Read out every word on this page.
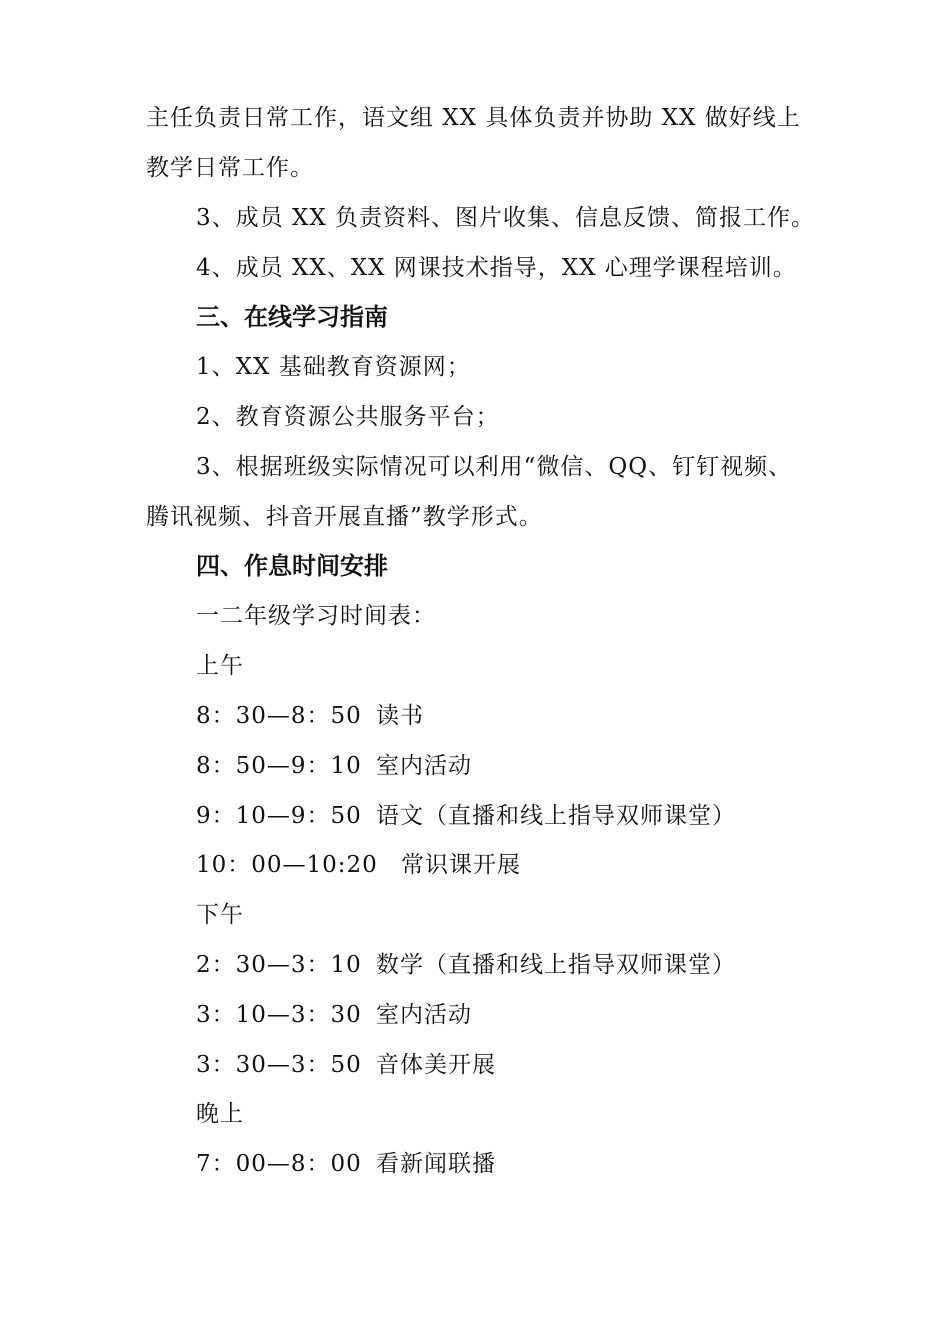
主任负责日常工作，语文组 XX 具体负责并协助 XX 做好线上
教学日常工作。
3、成员 XX 负责资料、图片收集、信息反馈、简报工作。
4、成员 XX、XX 网课技术指导，XX 心理学课程培训。
三、在线学习指南
1、XX 基础教育资源网；
2、教育资源公共服务平台；
3、根据班级实际情况可以利用“微信、QQ、钉钉视频、
腾讯视频、抖音开展直播”教学形式。
四、作息时间安排
一二年级学习时间表：
上午
8：30—8：50 读书
8：50—9：10 室内活动
9：10—9：50 语文（直播和线上指导双师课堂）
10：00—10:20 常识课开展
下午
2：30—3：10 数学（直播和线上指导双师课堂）
3：10—3：30 室内活动
3：30—3：50 音体美开展
晚上
7：00—8：00 看新闻联播
